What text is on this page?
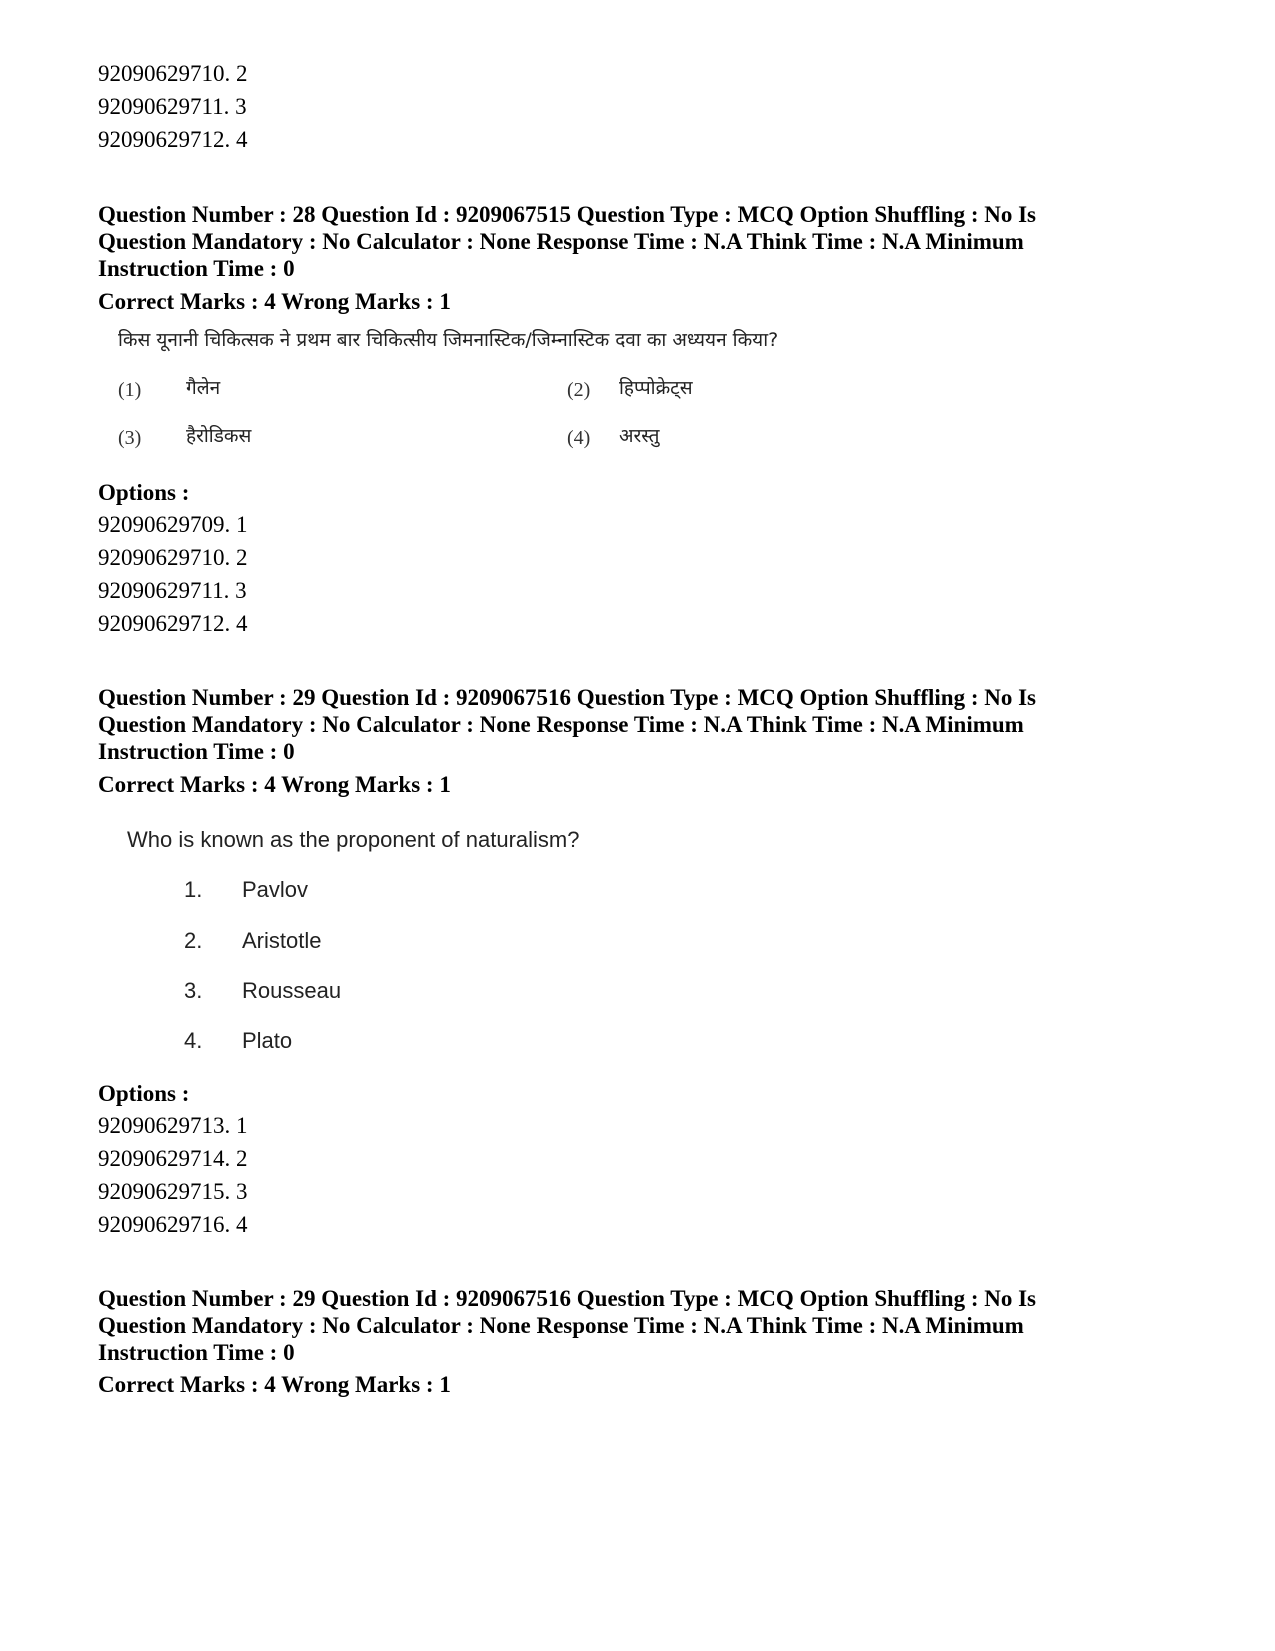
92090629710. 2
92090629711. 3
92090629712. 4
Question Number : 28 Question Id : 9209067515 Question Type : MCQ Option Shuffling : No Is
Question Mandatory : No Calculator : None Response Time : N.A Think Time : N.A Minimum
Instruction Time : 0
Correct Marks : 4 Wrong Marks : 1
किस यूनानी चिकित्सक ने प्रथम बार चिकित्सीय जिमनास्टिक/जिम्नास्टिक दवा का अध्ययन किया?
(1) गैलेन	(2) हिप्पोक्रेट्स
(3) हैरोडिकस	(4) अरस्तु
Options :
92090629709. 1
92090629710. 2
92090629711. 3
92090629712. 4
Question Number : 29 Question Id : 9209067516 Question Type : MCQ Option Shuffling : No Is
Question Mandatory : No Calculator : None Response Time : N.A Think Time : N.A Minimum
Instruction Time : 0
Correct Marks : 4 Wrong Marks : 1
Who is known as the proponent of naturalism?
1. Pavlov
2. Aristotle
3. Rousseau
4. Plato
Options :
92090629713. 1
92090629714. 2
92090629715. 3
92090629716. 4
Question Number : 29 Question Id : 9209067516 Question Type : MCQ Option Shuffling : No Is
Question Mandatory : No Calculator : None Response Time : N.A Think Time : N.A Minimum
Instruction Time : 0
Correct Marks : 4 Wrong Marks : 1
